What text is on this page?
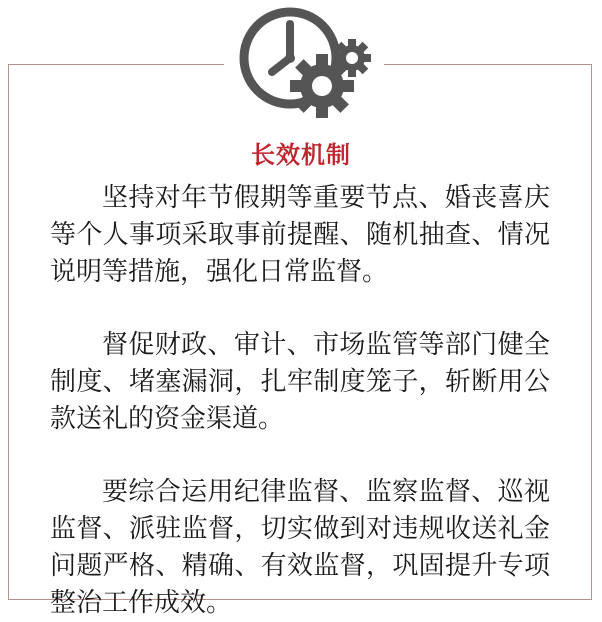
长效机制

坚持对年节假期等重要节点、婚丧喜庆等个人事项采取事前提醒、随机抽查、情况说明等措施，强化日常监督。

督促财政、审计、市场监管等部门健全制度、堵塞漏洞，扎牢制度笼子，斩断用公款送礼的资金渠道。

要综合运用纪律监督、监察监督、巡视监督、派驻监督，切实做到对违规收送礼金问题严格、精确、有效监督，巩固提升专项整治工作成效。
